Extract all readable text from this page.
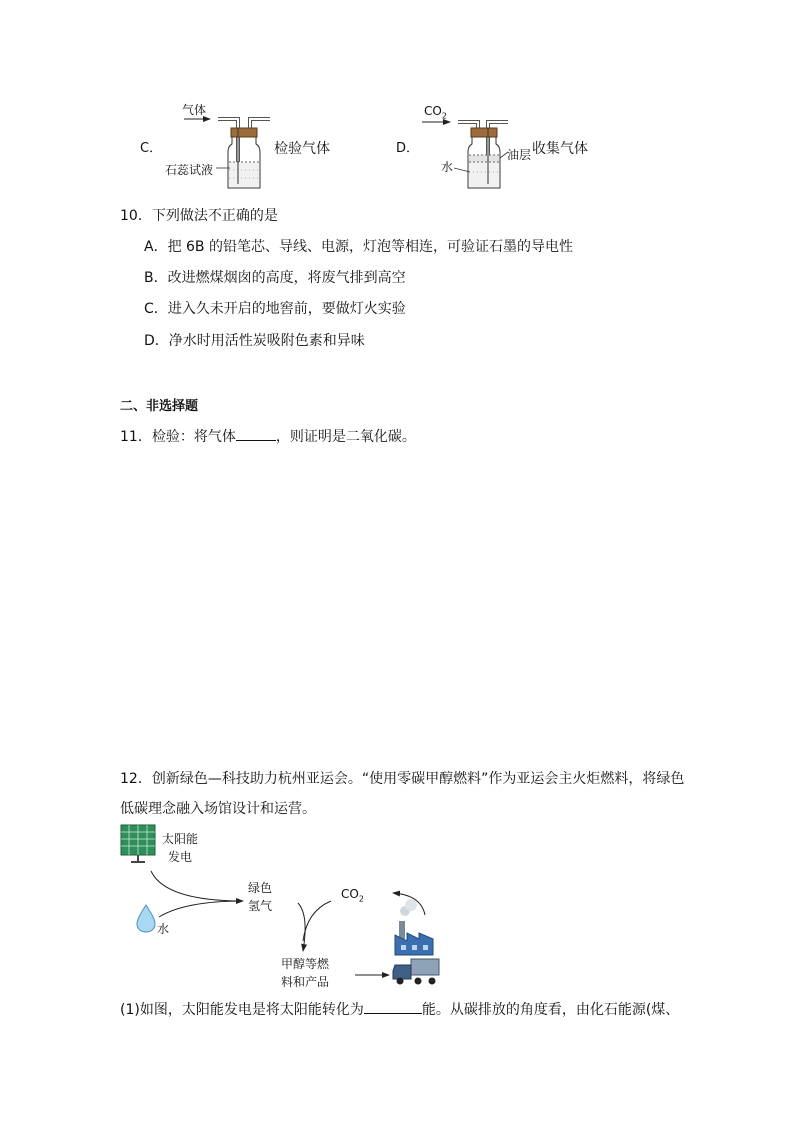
C．
气体
石蕊试液
检验气体	D．
$CO_2$
水
油层 收集气体
10．下列做法不正确的是
A．把 6B 的铅笔芯、导线、电源，灯泡等相连，可验证石墨的导电性
B．改进燃煤烟囱的高度，将废气排到高空
C．进入久未开启的地窖前，要做灯火实验
D．净水时用活性炭吸附色素和异味
二、非选择题
11．检验：将气体	，则证明是二氧化碳。
12．创新绿色—科技助力杭州亚运会。“使用零碳甲醇燃料”作为亚运会主火炬燃料，将绿色
低碳理念融入场馆设计和运营。
太阳能
发电
水
绿色
氢气
$CO_2$
甲醇等燃
料和产品
(1)如图，太阳能发电是将太阳能转化为	能。从碳排放的角度看，由化石能源(煤、
